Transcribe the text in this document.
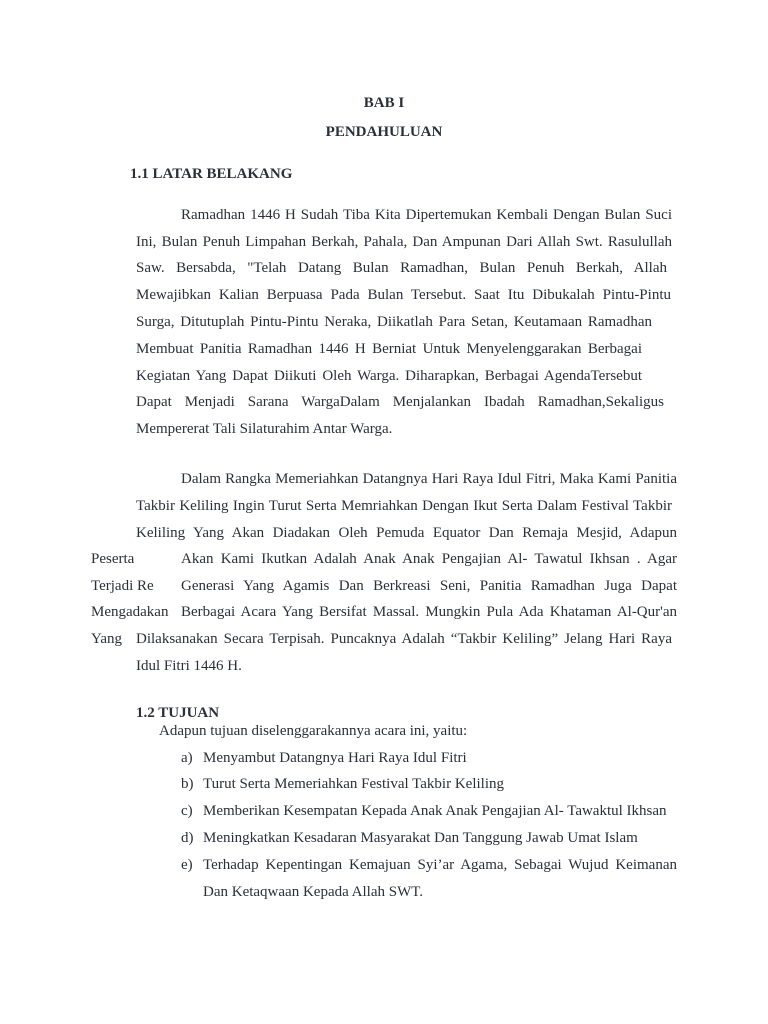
BAB I
PENDAHULUAN
1.1 LATAR BELAKANG
Ramadhan 1446 H Sudah Tiba Kita Dipertemukan Kembali Dengan Bulan Suci
Ini, Bulan Penuh Limpahan Berkah, Pahala, Dan Ampunan Dari Allah Swt. Rasulullah
Saw. Bersabda, "Telah Datang Bulan Ramadhan, Bulan Penuh Berkah, Allah
Mewajibkan Kalian Berpuasa Pada Bulan Tersebut. Saat Itu Dibukalah Pintu-Pintu
Surga, Ditutuplah Pintu-Pintu Neraka, Diikatlah Para Setan, Keutamaan Ramadhan
Membuat Panitia Ramadhan 1446 H Berniat Untuk Menyelenggarakan Berbagai
Kegiatan Yang Dapat Diikuti Oleh Warga. Diharapkan, Berbagai AgendaTersebut
Dapat Menjadi Sarana WargaDalam Menjalankan Ibadah Ramadhan,Sekaligus
Mempererat Tali Silaturahim Antar Warga.
Dalam Rangka Memeriahkan Datangnya Hari Raya Idul Fitri, Maka Kami Panitia
Takbir Keliling Ingin Turut Serta Memriahkan Dengan Ikut Serta Dalam Festival Takbir
Keliling Yang Akan Diadakan Oleh Pemuda Equator Dan Remaja Mesjid, Adapun
Akan Kami Ikutkan Adalah Anak Anak Pengajian Al- Tawatul Ikhsan . Agar
Generasi Yang Agamis Dan Berkreasi Seni, Panitia Ramadhan Juga Dapat
Berbagai Acara Yang Bersifat Massal. Mungkin Pula Ada Khataman Al-Qur'an
Dilaksanakan Secara Terpisah. Puncaknya Adalah “Takbir Keliling” Jelang Hari Raya
Idul Fitri 1446 H.
Peserta
Terjadi Re
Mengadakan
Yang
1.2 TUJUAN
Adapun tujuan diselenggarakannya acara ini, yaitu:
a) Menyambut Datangnya Hari Raya Idul Fitri
b) Turut Serta Memeriahkan Festival Takbir Keliling
c) Memberikan Kesempatan Kepada Anak Anak Pengajian Al- Tawaktul Ikhsan
d) Meningkatkan Kesadaran Masyarakat Dan Tanggung Jawab Umat Islam
e) Terhadap Kepentingan Kemajuan Syi’ar Agama, Sebagai Wujud Keimanan
Dan Ketaqwaan Kepada Allah SWT.
